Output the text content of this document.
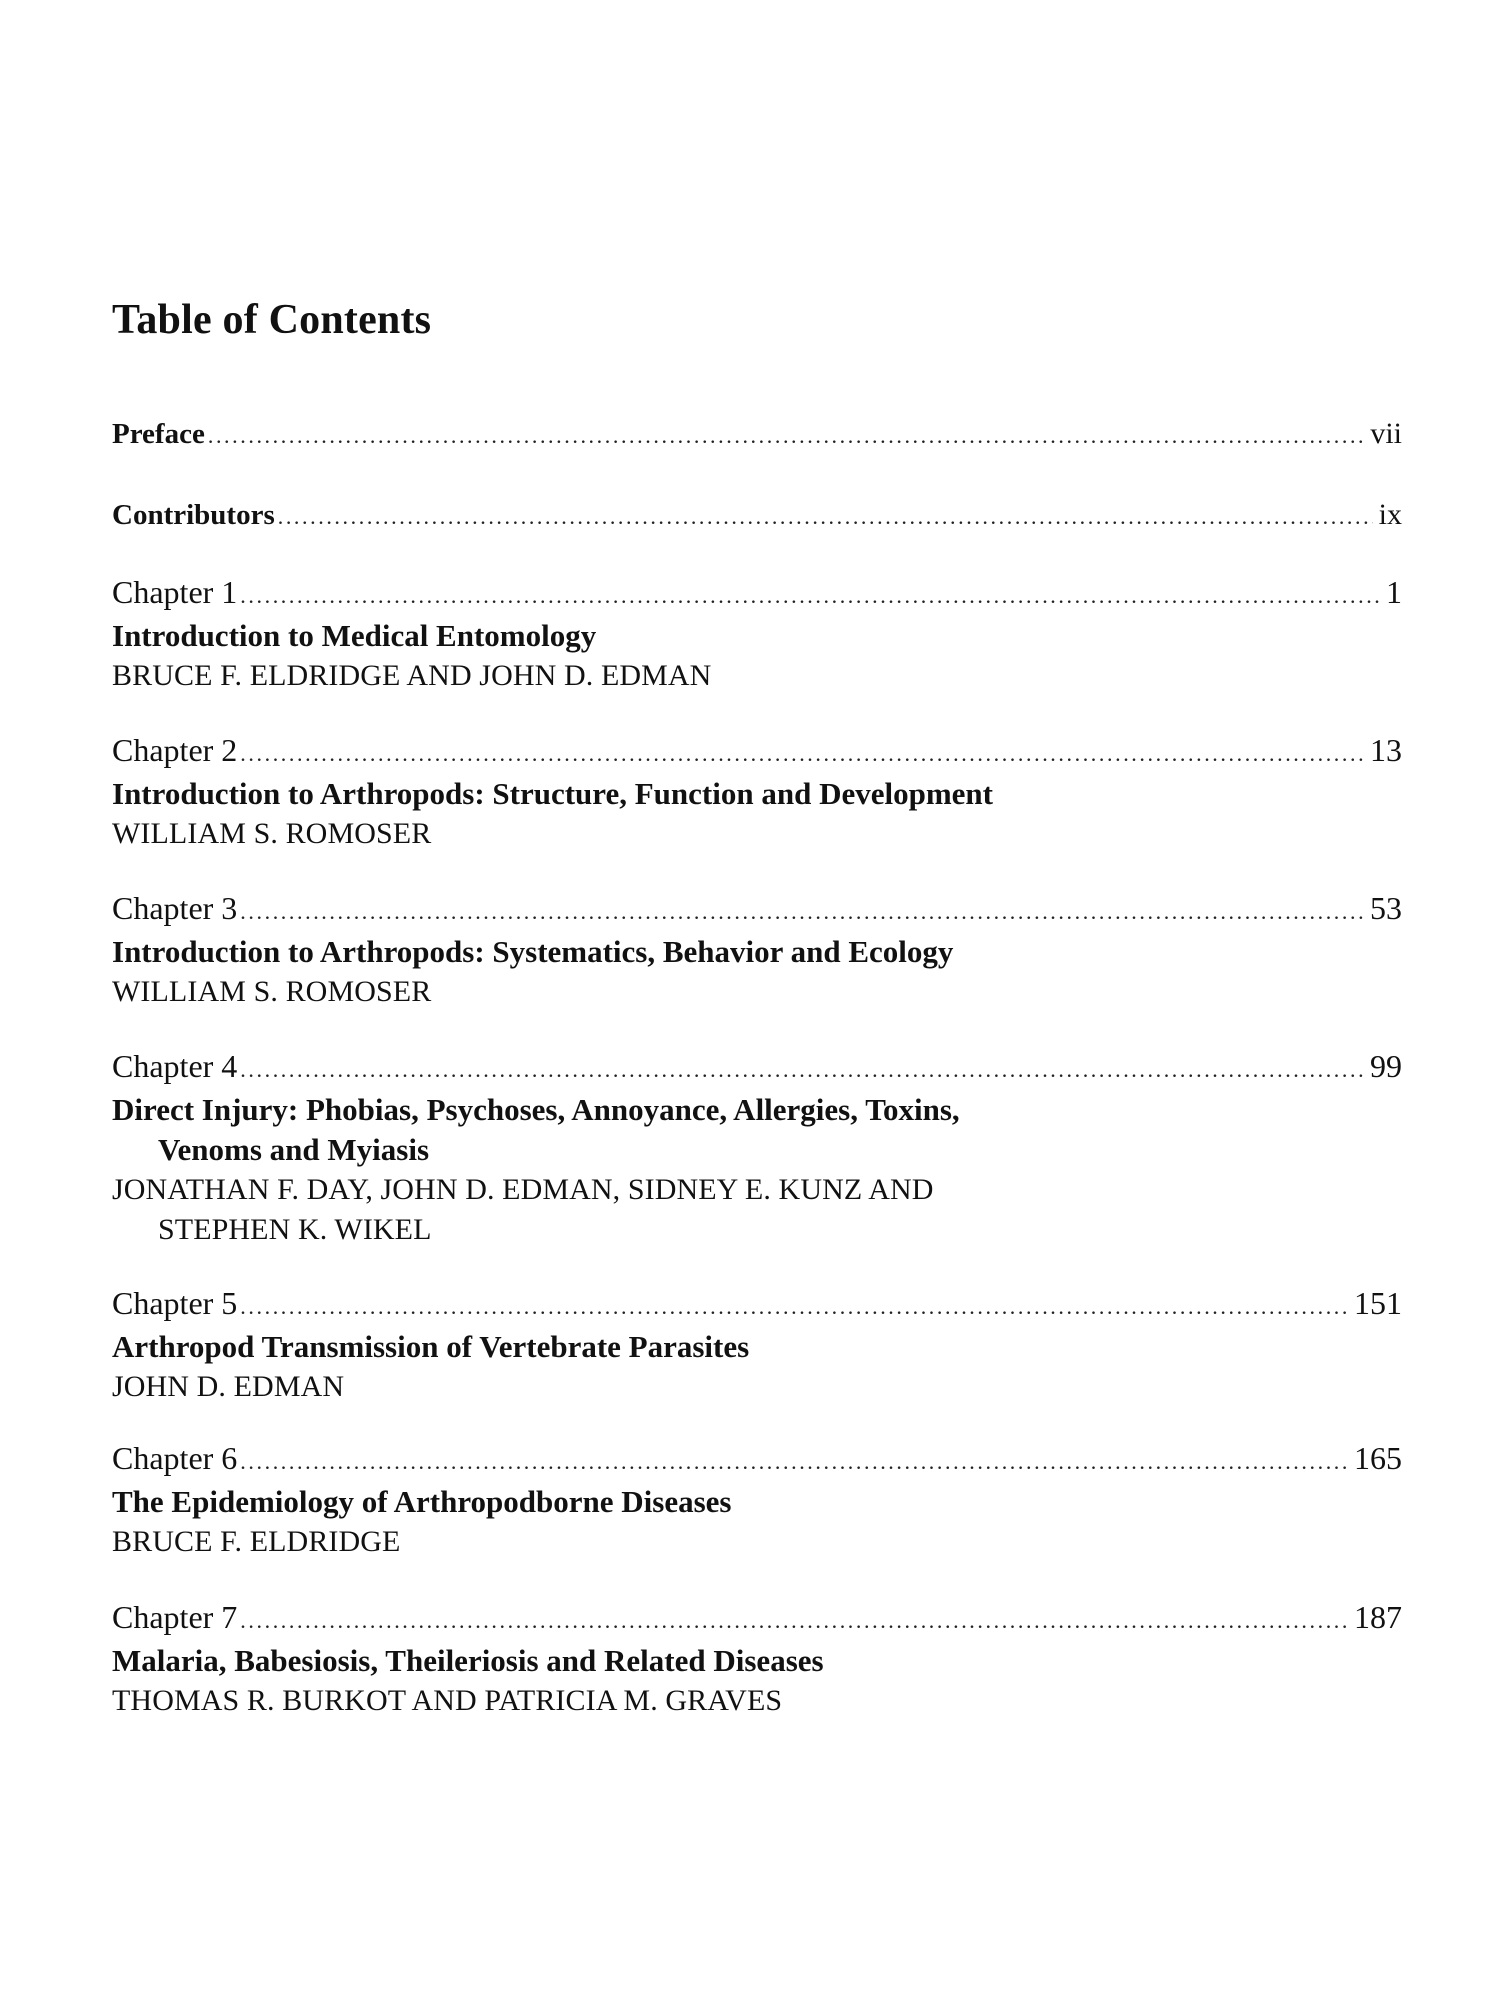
Table of Contents
Preface .....	vii
Contributors .....	ix
Chapter 1 .....	1

Introduction to Medical Entomology

BRUCE F. ELDRIDGE AND JOHN D. EDMAN

Chapter 2 .....	13

Introduction to Arthropods: Structure, Function and Development

WILLIAM S. ROMOSER

Chapter 3 .....	53

Introduction to Arthropods: Systematics, Behavior and Ecology

WILLIAM S. ROMOSER

Chapter 4 .....	99

Direct Injury: Phobias, Psychoses, Annoyance, Allergies, Toxins,

Venoms and Myiasis

JONATHAN F. DAY, JOHN D. EDMAN, SIDNEY E. KUNZ AND

STEPHEN K. WIKEL

Chapter 5 .....	151

Arthropod Transmission of Vertebrate Parasites

JOHN D. EDMAN

Chapter 6 .....	165

The Epidemiology of Arthropodborne Diseases

BRUCE F. ELDRIDGE

Chapter 7 .....	187

Malaria, Babesiosis, Theileriosis and Related Diseases

THOMAS R. BURKOT AND PATRICIA M. GRAVES
